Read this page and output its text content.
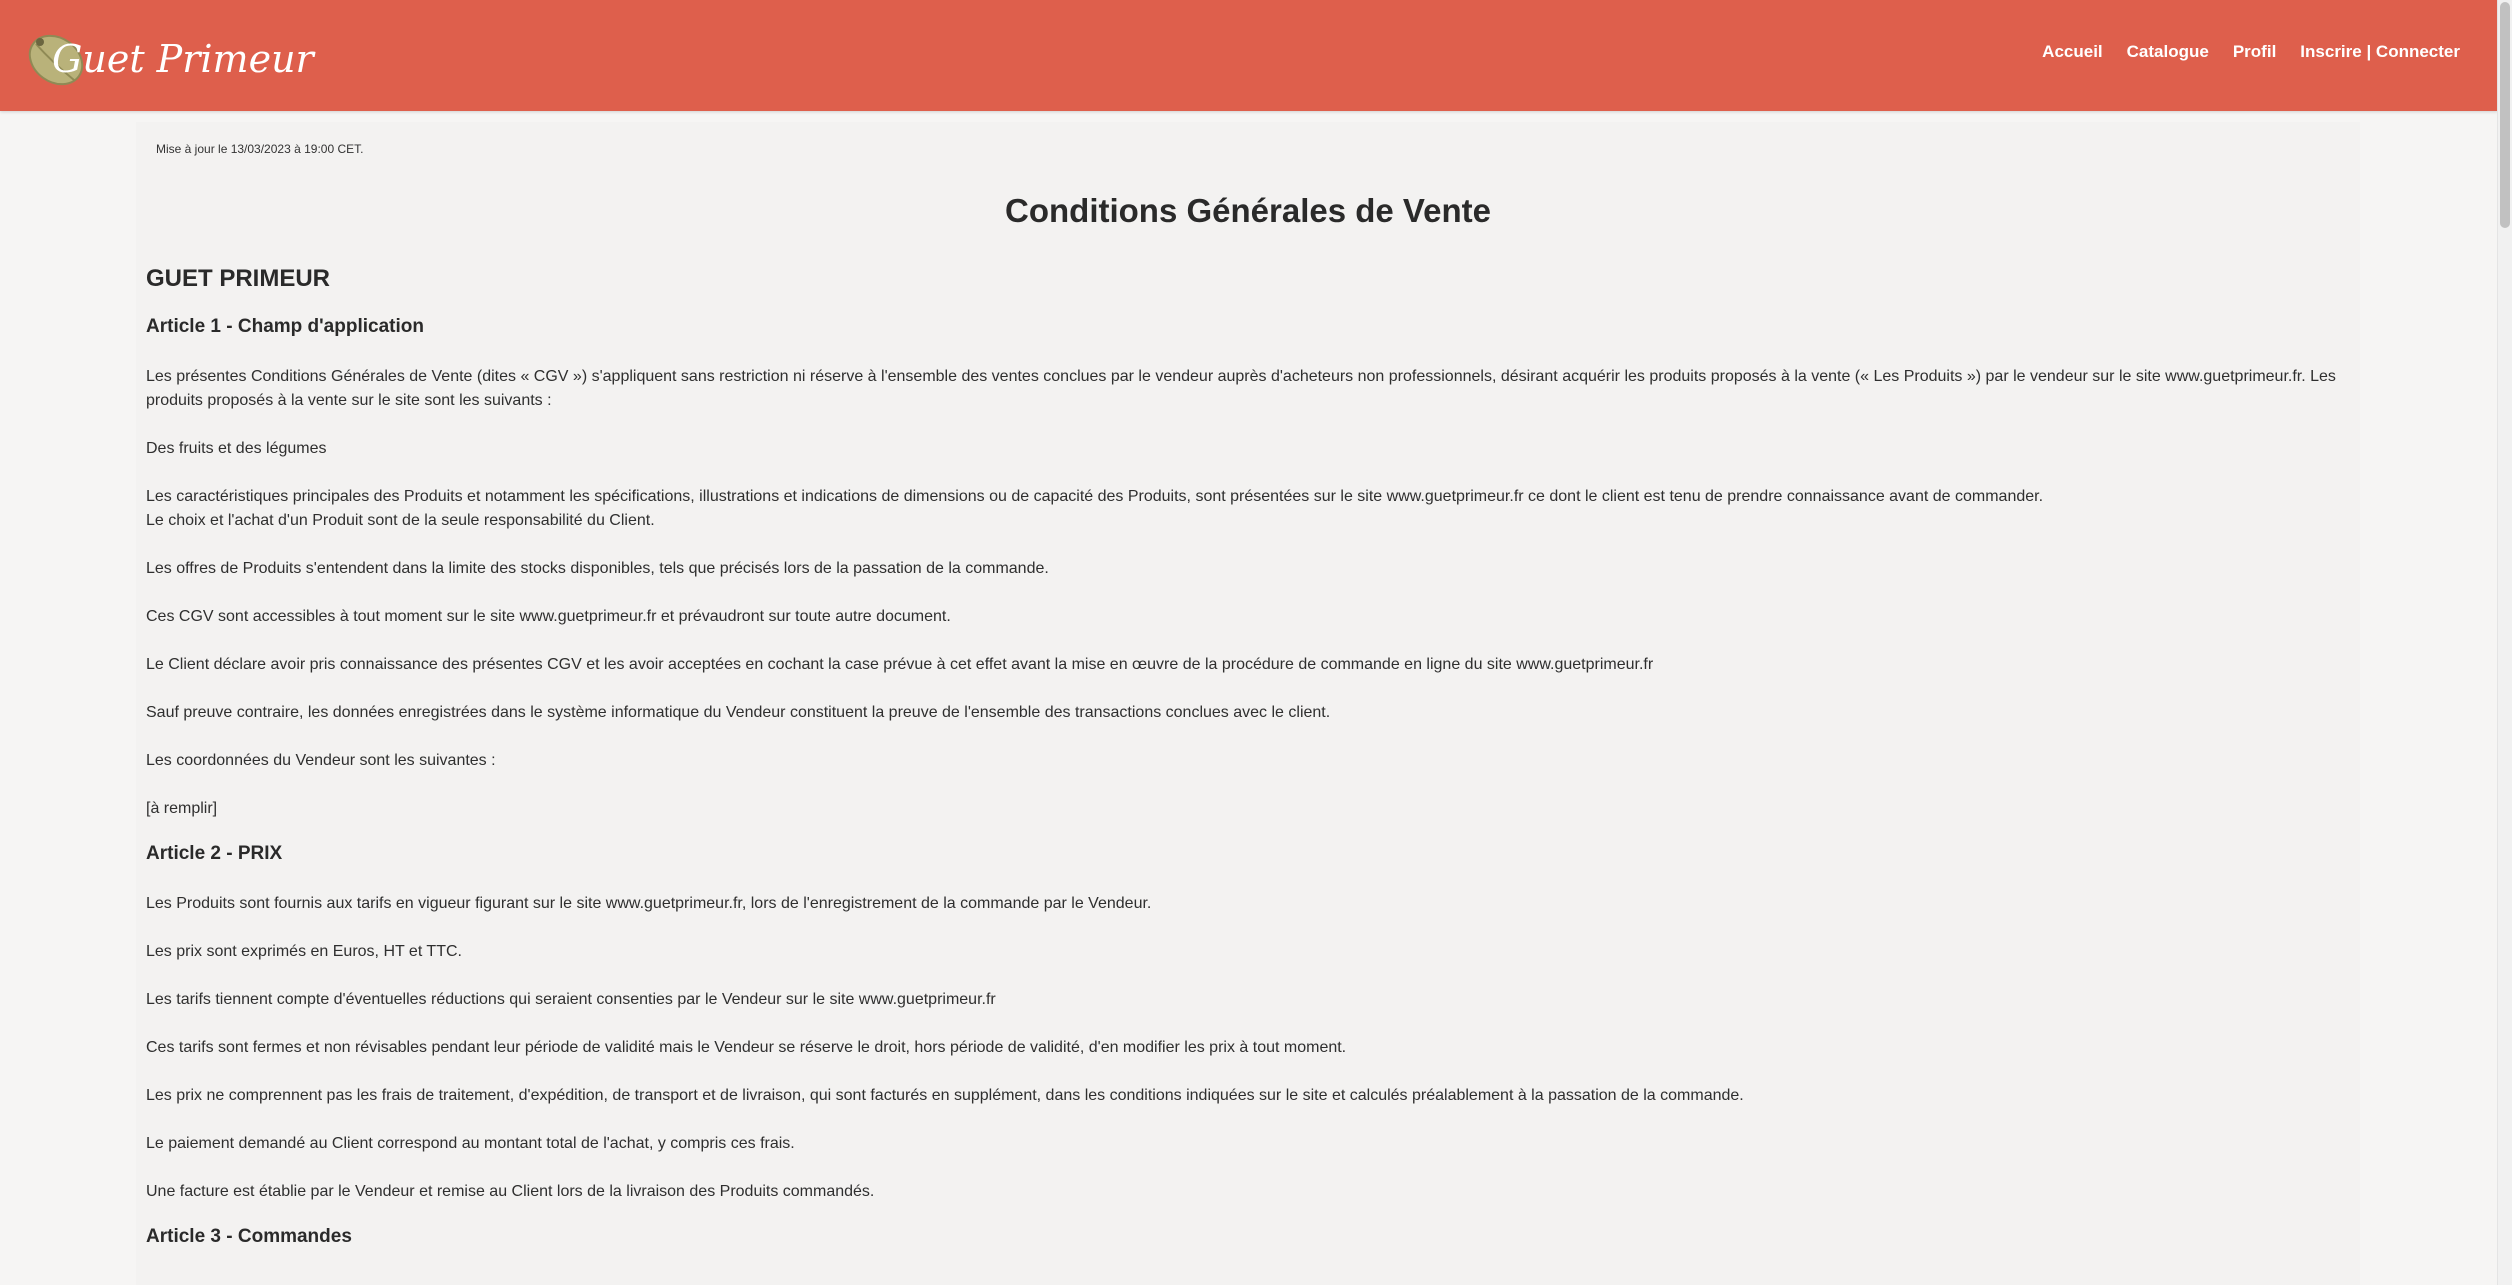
Guet Primeur	Accueil Catalogue Profil Inscrire | Connecter
Mise à jour le 13/03/2023 à 19:00 CET.
Conditions Générales de Vente
GUET PRIMEUR
Article 1 - Champ d'application

Les présentes Conditions Générales de Vente (dites « CGV ») s'appliquent sans restriction ni réserve à l'ensemble des ventes conclues par le vendeur auprès d'acheteurs non professionnels, désirant acquérir les produits proposés à la vente (« Les Produits ») par le vendeur sur le site www.guetprimeur.fr. Les produits proposés à la vente sur le site sont les suivants :

Des fruits et des légumes

Les caractéristiques principales des Produits et notamment les spécifications, illustrations et indications de dimensions ou de capacité des Produits, sont présentées sur le site www.guetprimeur.fr ce dont le client est tenu de prendre connaissance avant de commander.
Le choix et l'achat d'un Produit sont de la seule responsabilité du Client.

Les offres de Produits s'entendent dans la limite des stocks disponibles, tels que précisés lors de la passation de la commande.

Ces CGV sont accessibles à tout moment sur le site www.guetprimeur.fr et prévaudront sur toute autre document.

Le Client déclare avoir pris connaissance des présentes CGV et les avoir acceptées en cochant la case prévue à cet effet avant la mise en œuvre de la procédure de commande en ligne du site www.guetprimeur.fr

Sauf preuve contraire, les données enregistrées dans le système informatique du Vendeur constituent la preuve de l'ensemble des transactions conclues avec le client.

Les coordonnées du Vendeur sont les suivantes :

[à remplir]

Article 2 - PRIX

Les Produits sont fournis aux tarifs en vigueur figurant sur le site www.guetprimeur.fr, lors de l'enregistrement de la commande par le Vendeur.

Les prix sont exprimés en Euros, HT et TTC.

Les tarifs tiennent compte d'éventuelles réductions qui seraient consenties par le Vendeur sur le site www.guetprimeur.fr

Ces tarifs sont fermes et non révisables pendant leur période de validité mais le Vendeur se réserve le droit, hors période de validité, d'en modifier les prix à tout moment.

Les prix ne comprennent pas les frais de traitement, d'expédition, de transport et de livraison, qui sont facturés en supplément, dans les conditions indiquées sur le site et calculés préalablement à la passation de la commande.

Le paiement demandé au Client correspond au montant total de l'achat, y compris ces frais.

Une facture est établie par le Vendeur et remise au Client lors de la livraison des Produits commandés.

Article 3 - Commandes
